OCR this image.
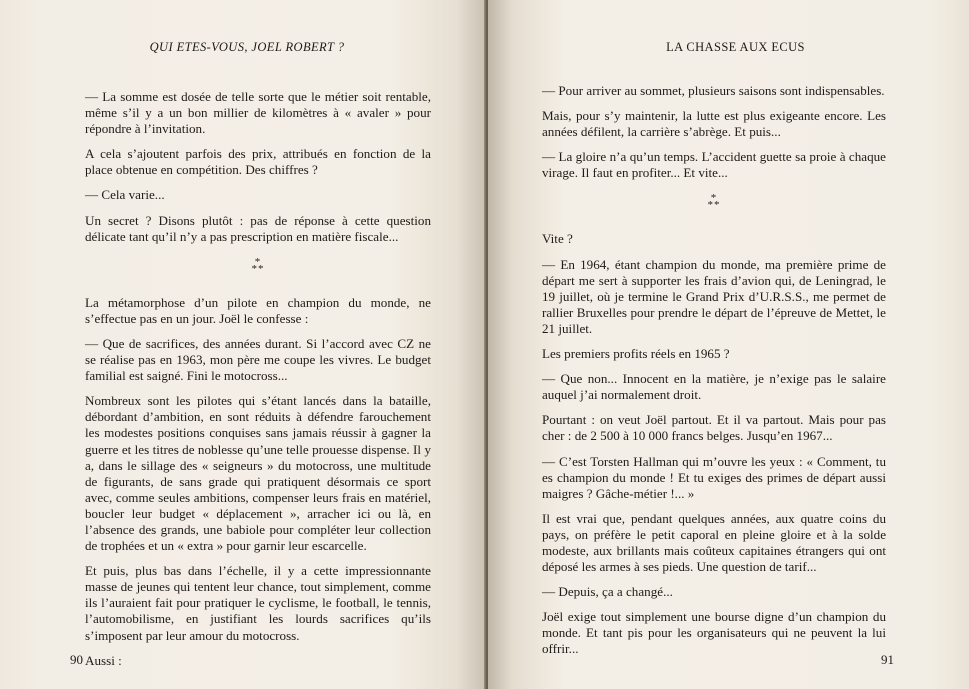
QUI ETES-VOUS, JOEL ROBERT ?

— La somme est dosée de telle sorte que le métier soit rentable, même s’il y a un bon millier de kilomètres à « avaler » pour répondre à l’invitation.

A cela s’ajoutent parfois des prix, attribués en fonction de la place obtenue en compétition. Des chiffres ?

— Cela varie...

Un secret ? Disons plutôt : pas de réponse à cette question délicate tant qu’il n’y a pas prescription en matière fiscale...

*
**

La métamorphose d’un pilote en champion du monde, ne s’effectue pas en un jour. Joël le confesse :

— Que de sacrifices, des années durant. Si l’accord avec CZ ne se réalise pas en 1963, mon père me coupe les vivres. Le budget familial est saigné. Fini le motocross...

Nombreux sont les pilotes qui s’étant lancés dans la bataille, débordant d’ambition, en sont réduits à défendre farouchement les modestes positions conquises sans jamais réussir à gagner la guerre et les titres de noblesse qu’une telle prouesse dispense. Il y a, dans le sillage des « seigneurs » du motocross, une multitude de figurants, de sans grade qui pratiquent désormais ce sport avec, comme seules ambitions, compenser leurs frais en matériel, boucler leur budget « déplacement », arracher ici ou là, en l’absence des grands, une babiole pour compléter leur collection de trophées et un « extra » pour garnir leur escarcelle.

Et puis, plus bas dans l’échelle, il y a cette impressionnante masse de jeunes qui tentent leur chance, tout simplement, comme ils l’auraient fait pour pratiquer le cyclisme, le football, le tennis, l’automobilisme, en justifiant les lourds sacrifices qu’ils s’imposent par leur amour du motocross.

Aussi :

90
LA CHASSE AUX ECUS

— Pour arriver au sommet, plusieurs saisons sont indispensables.

Mais, pour s’y maintenir, la lutte est plus exigeante encore. Les années défilent, la carrière s’abrège. Et puis...

— La gloire n’a qu’un temps. L’accident guette sa proie à chaque virage. Il faut en profiter... Et vite...

*
**

Vite ?

— En 1964, étant champion du monde, ma première prime de départ me sert à supporter les frais d’avion qui, de Leningrad, le 19 juillet, où je termine le Grand Prix d’U.R.S.S., me permet de rallier Bruxelles pour prendre le départ de l’épreuve de Mettet, le 21 juillet.

Les premiers profits réels en 1965 ?

— Que non... Innocent en la matière, je n’exige pas le salaire auquel j’ai normalement droit.

Pourtant : on veut Joël partout. Et il va partout. Mais pour pas cher : de 2 500 à 10 000 francs belges. Jusqu’en 1967...

— C’est Torsten Hallman qui m’ouvre les yeux : « Comment, tu es champion du monde ! Et tu exiges des primes de départ aussi maigres ? Gâche-métier !... »

Il est vrai que, pendant quelques années, aux quatre coins du pays, on préfère le petit caporal en pleine gloire et à la solde modeste, aux brillants mais coûteux capitaines étrangers qui ont déposé les armes à ses pieds. Une question de tarif...

— Depuis, ça a changé...

Joël exige tout simplement une bourse digne d’un champion du monde. Et tant pis pour les organisateurs qui ne peuvent la lui offrir...

91
